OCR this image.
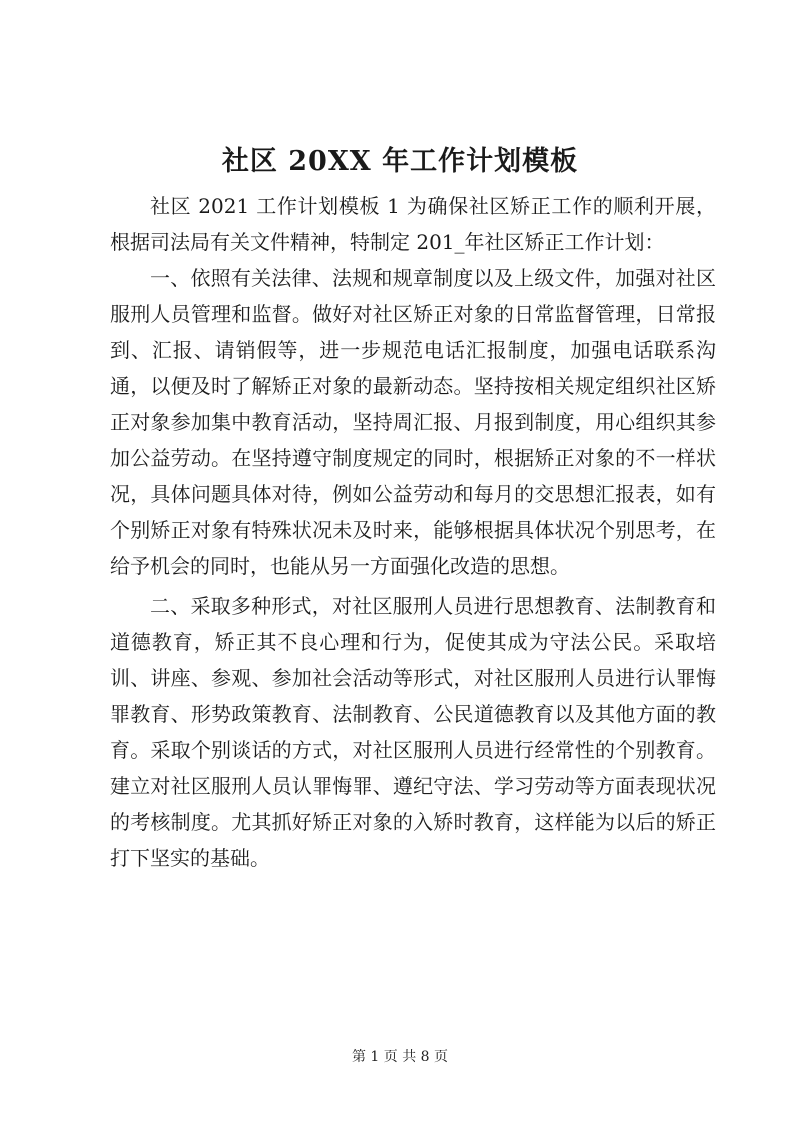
社区 20XX 年工作计划模板

社区 2021 工作计划模板 1 为确保社区矫正工作的顺利开展，根据司法局有关文件精神，特制定 201_年社区矫正工作计划：

一、依照有关法律、法规和规章制度以及上级文件，加强对社区服刑人员管理和监督。做好对社区矫正对象的日常监督管理，日常报到、汇报、请销假等，进一步规范电话汇报制度，加强电话联系沟通，以便及时了解矫正对象的最新动态。坚持按相关规定组织社区矫正对象参加集中教育活动，坚持周汇报、月报到制度，用心组织其参加公益劳动。在坚持遵守制度规定的同时，根据矫正对象的不一样状况，具体问题具体对待，例如公益劳动和每月的交思想汇报表，如有个别矫正对象有特殊状况未及时来，能够根据具体状况个别思考，在给予机会的同时，也能从另一方面强化改造的思想。

二、采取多种形式，对社区服刑人员进行思想教育、法制教育和道德教育，矫正其不良心理和行为，促使其成为守法公民。采取培训、讲座、参观、参加社会活动等形式，对社区服刑人员进行认罪悔罪教育、形势政策教育、法制教育、公民道德教育以及其他方面的教育。采取个别谈话的方式，对社区服刑人员进行经常性的个别教育。建立对社区服刑人员认罪悔罪、遵纪守法、学习劳动等方面表现状况的考核制度。尤其抓好矫正对象的入矫时教育，这样能为以后的矫正打下坚实的基础。

第 1 页 共 8 页
